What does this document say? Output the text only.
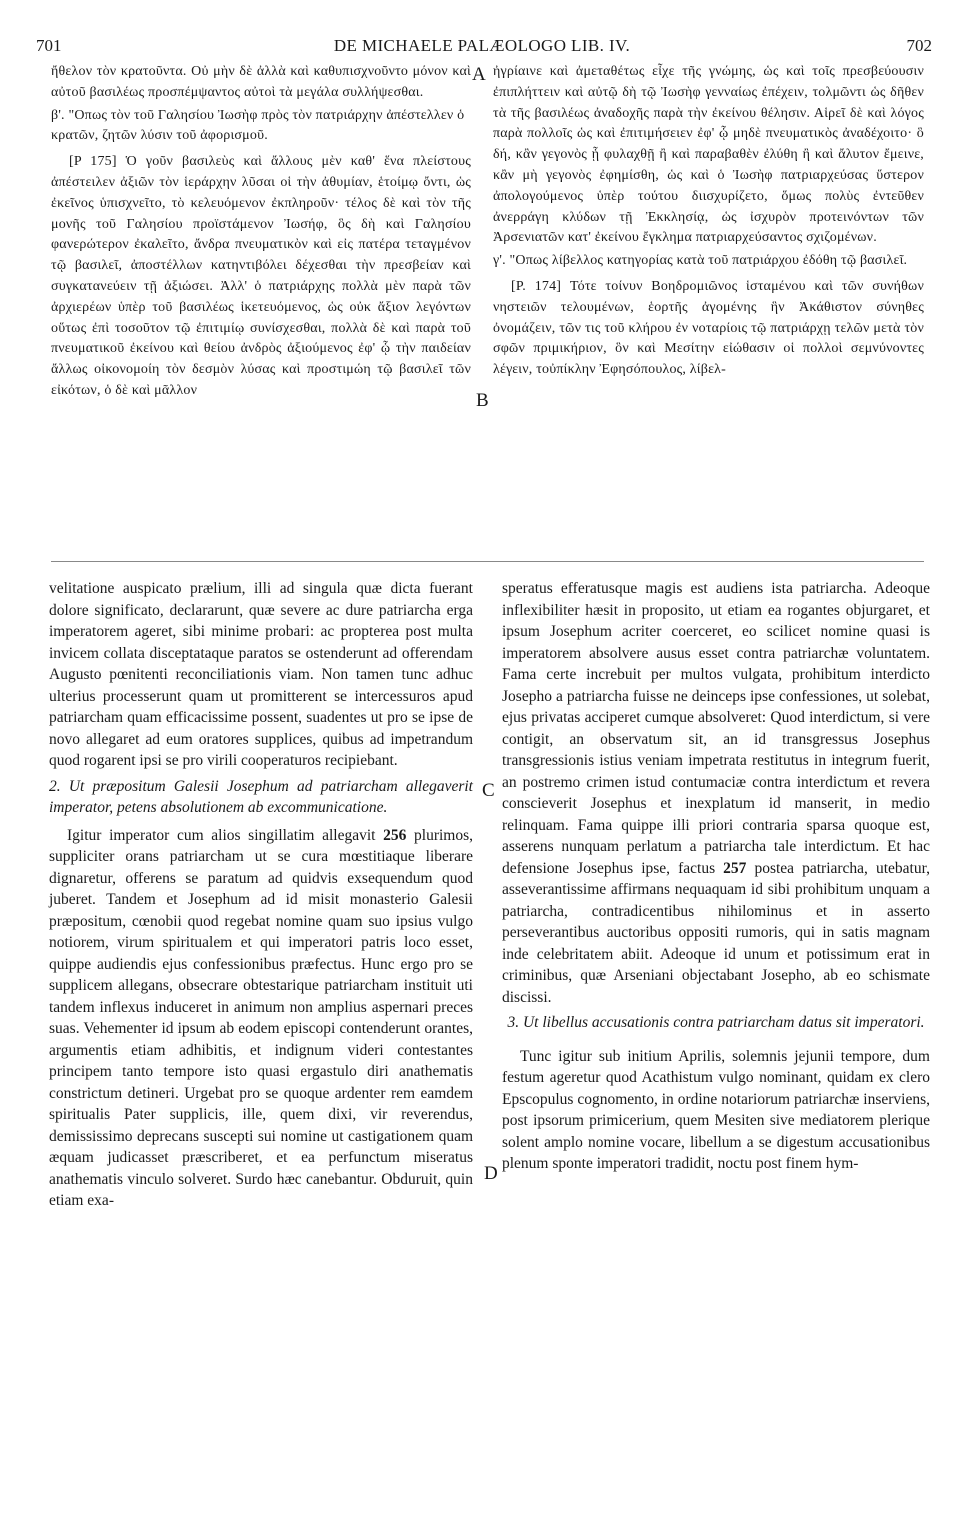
701	DE MICHAELE PALÆOLOGO LIB. IV.	702

ἤθελον τὸν κρατοῦντα. Οὐ μὴν δὲ ἀλλὰ καὶ καθυπισχνοῦντο μόνον καὶ αὐτοῦ βασιλέως προσπέμψαντος αὐτοὶ τὰ μεγάλα συλλήψεσθαι.

β'. "Οπως τὸν τοῦ Γαλησίου Ἰωσὴφ πρὸς τὸν πατριάρχην ἀπέστελλεν ὁ κρατῶν, ζητῶν λύσιν τοῦ ἀφορισμοῦ.

[P 175] Ὁ γοῦν βασιλεὺς καὶ ἄλλους μὲν καθ' ἕνα πλείστους ἀπέστειλεν ἀξιῶν τὸν ἱεράρχην λῦσαι οἱ τὴν ἀθυμίαν, ἑτοίμῳ ὄντι, ὡς ἐκεῖνος ὑπισχνεῖτο, τὸ κελευόμενον ἐκπληροῦν· τέλος δὲ καὶ τὸν τῆς μονῆς τοῦ Γαλησίου προϊστάμενον Ἰωσήφ, ὃς δὴ καὶ Γαλησίου φανερώτερον ἐκαλεῖτο, ἄνδρα πνευματικὸν καὶ εἰς πατέρα τεταγμένον τῷ βασιλεῖ, ἀποστέλλων κατηντιβόλει δέχεσθαι τὴν πρεσβείαν καὶ συγκατανεύειν τῇ ἀξιώσει. Ἀλλ' ὁ πατριάρχης πολλὰ μὲν παρὰ τῶν ἀρχιερέων ὑπὲρ τοῦ βασιλέως ἱκετευόμενος, ὡς οὐκ ἄξιον λεγόντων οὕτως ἐπὶ τοσοῦτον τῷ ἐπιτιμίῳ συνίσχεσθαι, πολλὰ δὲ καὶ παρὰ τοῦ πνευματικοῦ ἐκείνου καὶ θείου ἀνδρὸς ἀξιούμενος ἐφ' ᾧ τὴν παιδείαν ἄλλως οἰκονομοίη τὸν δεσμὸν λύσας καὶ προστιμώη τῷ βασιλεῖ τῶν εἰκότων, ὁ δὲ καὶ μᾶλλον

ἠγρίαινε καὶ ἀμεταθέτως εἶχε τῆς γνώμης, ὡς καὶ τοῖς πρεσβεύουσιν ἐπιπλήττειν καὶ αὐτῷ δὴ τῷ Ἰωσὴφ γενναίως ἐπέχειν, τολμῶντι ὡς δῆθεν τὰ τῆς βασιλέως ἀναδοχῆς παρὰ τὴν ἐκείνου θέλησιν. Αἱρεῖ δὲ καὶ λόγος παρὰ πολλοῖς ὡς καὶ ἐπιτιμήσειεν ἐφ' ᾧ μηδὲ πνευματικὸς ἀναδέχοιτο· ὃ δή, κἂν γεγονὸς ᾖ φυλαχθῇ ἢ καὶ παραβαθὲν ἐλύθη ἢ καὶ ἄλυτον ἔμεινε, κἂν μὴ γεγονὸς ἐφημίσθη, ὡς καὶ ὁ Ἰωσὴφ πατριαρχεύσας ὕστερον ἀπολογούμενος ὑπὲρ τούτου διισχυρίζετο, ὅμως πολὺς ἐντεῦθεν ἀνερράγη κλύδων τῇ Ἐκκλησίᾳ, ὡς ἰσχυρὸν προτεινόντων τῶν Ἀρσενιατῶν κατ' ἐκείνου ἔγκλημα πατριαρχεύσαντος σχιζομένων.

γ'. "Οπως λίβελλος κατηγορίας κατὰ τοῦ πατριάρχου ἐδόθη τῷ βασιλεῖ.

[P. 174] Τότε τοίνυν Βοηδρομιῶνος ἱσταμένου καὶ τῶν συνήθων νηστειῶν τελουμένων, ἑορτῆς ἀγομένης ἣν Ἀκάθιστον σύνηθες ὀνομάζειν, τῶν τις τοῦ κλήρου ἐν νοταρίοις τῷ πατριάρχῃ τελῶν μετὰ τὸν σφῶν πριμικήριον, ὃν καὶ Μεσίτην εἰώθασιν οἱ πολλοὶ σεμνύνοντες λέγειν, τοὐπίκλην Ἐφησόπουλος, λίβελ-

A
B

velitatione auspicato prælium, illi ad singula quæ dicta fuerant dolore significato, declararunt, quæ severe ac dure patriarcha erga imperatorem ageret, sibi minime probari: ac propterea post multa invicem collata disceptataque paratos se ostenderunt ad offerendam Augusto pœnitenti reconciliationis viam. Non tamen tunc adhuc ulterius processerunt quam ut promitterent se intercessuros apud patriarcham quam efficacissime possent, suadentes ut pro se ipse de novo allegaret ad eum oratores supplices, quibus ad impetrandum quod rogarent ipsi se pro virili cooperaturos recipiebant.

2. Ut præpositum Galesii Josephum ad patriarcham allegaverit imperator, petens absolutionem ab excommunicatione.

Igitur imperator cum alios singillatim allegavit 256 plurimos, suppliciter orans patriarcham ut se cura mœstitiaque liberare dignaretur, offerens se paratum ad quidvis exsequendum quod juberet. Tandem et Josephum ad id misit monasterio Galesii præpositum, cœnobii quod regebat nomine quam suo ipsius vulgo notiorem, virum spiritualem et qui imperatori patris loco esset, quippe audiendis ejus confessionibus præfectus. Hunc ergo pro se supplicem allegans, obsecrare obtestarique patriarcham instituit uti tandem inflexus induceret in animum non amplius aspernari preces suas. Vehementer id ipsum ab eodem episcopi contenderunt orantes, argumentis etiam adhibitis, et indignum videri contestantes principem tanto tempore isto quasi ergastulo diri anathematis constrictum detineri. Urgebat pro se quoque ardenter rem eamdem spiritualis Pater supplicis, ille, quem dixi, vir reverendus, demississimo deprecans suscepti sui nomine ut castigationem quam æquam judicasset præscriberet, et ea perfunctum miseratus anathematis vinculo solveret. Surdo hæc canebantur. Obduruit, quin etiam exa-

speratus efferatusque magis est audiens ista patriarcha. Adeoque inflexibiliter hæsit in proposito, ut etiam ea rogantes objurgaret, et ipsum Josephum acriter coerceret, eo scilicet nomine quasi is imperatorem absolvere ausus esset contra patriarchæ voluntatem. Fama certe increbuit per multos vulgata, prohibitum interdicto Josepho a patriarcha fuisse ne deinceps ipse confessiones, ut solebat, ejus privatas acciperet cumque absolveret: Quod interdictum, si vere contigit, an observatum sit, an id transgressus Josephus transgressionis istius veniam impetrata restitutus in integrum fuerit, an postremo crimen istud contumaciæ contra interdictum et revera conscieverit Josephus et inexplatum id manserit, in medio relinquam. Fama quippe illi priori contraria sparsa quoque est, asserens nunquam perlatum a patriarcha tale interdictum. Et hac defensione Josephus ipse, factus 257 postea patriarcha, utebatur, asseverantissime affirmans nequaquam id sibi prohibitum unquam a patriarcha, contradicentibus nihilominus et in asserto perseverantibus auctoribus oppositi rumoris, qui in satis magnam inde celebritatem abiit. Adeoque id unum et potissimum erat in criminibus, quæ Arseniani objectabant Josepho, ab eo schismate discissi.

3. Ut libellus accusationis contra patriarcham datus sit imperatori.

Tunc igitur sub initium Aprilis, solemnis jejunii tempore, dum festum ageretur quod Acathistum vulgo nominant, quidam ex clero Epscopulus cognomento, in ordine notariorum patriarchæ inserviens, post ipsorum primicerium, quem Mesiten sive mediatorem plerique solent amplo nomine vocare, libellum a se digestum accusationibus plenum sponte imperatori tradidit, noctu post finem hym-

C
D
